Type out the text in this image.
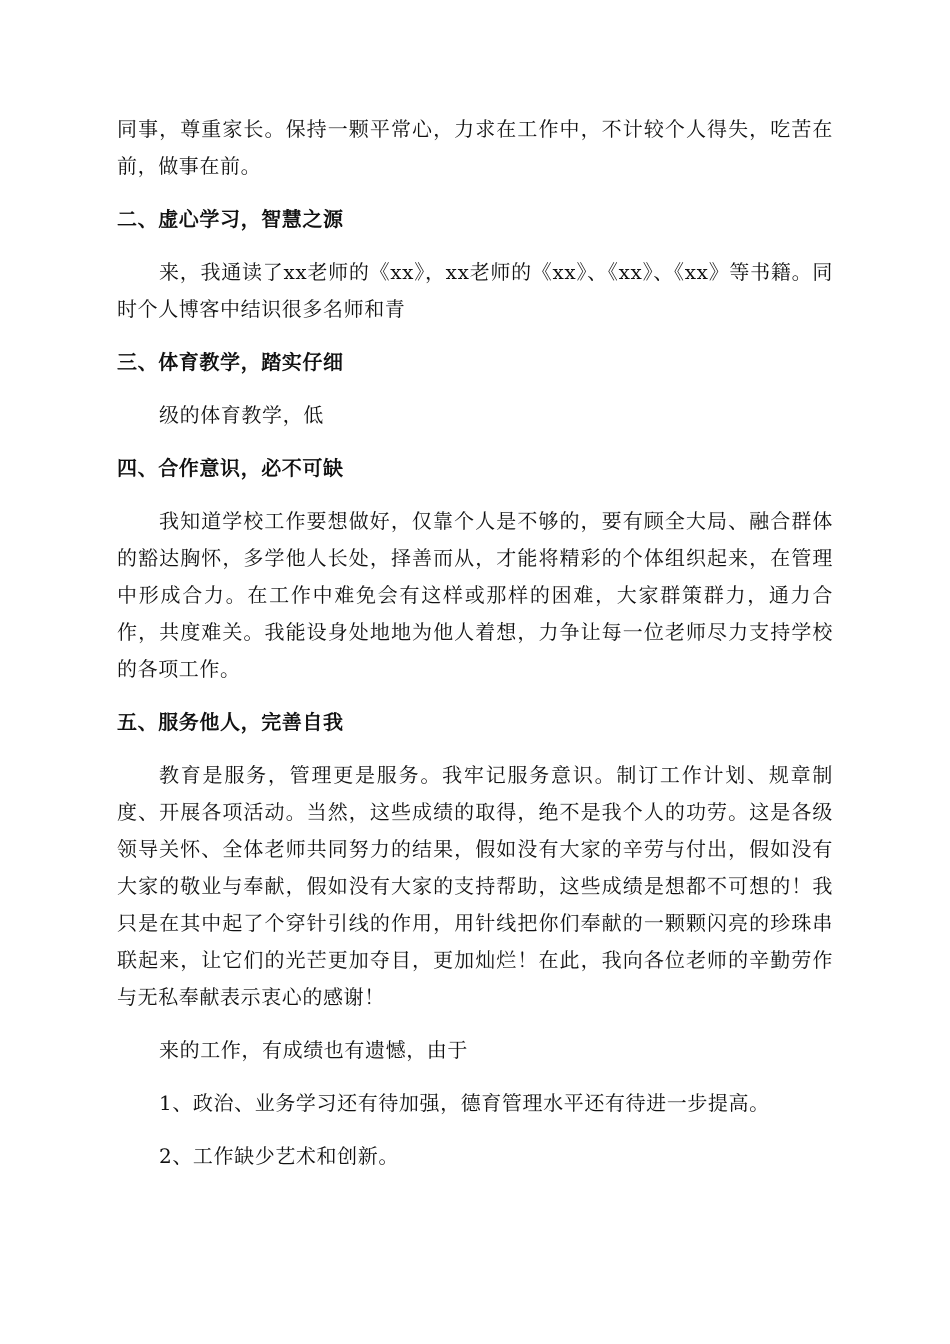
同事，尊重家长。保持一颗平常心，力求在工作中，不计较个人得失，吃苦在前，做事在前。

二、虚心学习，智慧之源

来，我通读了xx老师的《xx》，xx老师的《xx》、《xx》、《xx》等书籍。同时个人博客中结识很多名师和青

三、体育教学，踏实仔细

级的体育教学，低

四、合作意识，必不可缺

我知道学校工作要想做好，仅靠个人是不够的，要有顾全大局、融合群体的豁达胸怀，多学他人长处，择善而从，才能将精彩的个体组织起来，在管理中形成合力。在工作中难免会有这样或那样的困难，大家群策群力，通力合作，共度难关。我能设身处地地为他人着想，力争让每一位老师尽力支持学校的各项工作。

五、服务他人，完善自我

教育是服务，管理更是服务。我牢记服务意识。制订工作计划、规章制度、开展各项活动。当然，这些成绩的取得，绝不是我个人的功劳。这是各级领导关怀、全体老师共同努力的结果，假如没有大家的辛劳与付出，假如没有大家的敬业与奉献，假如没有大家的支持帮助，这些成绩是想都不可想的！我只是在其中起了个穿针引线的作用，用针线把你们奉献的一颗颗闪亮的珍珠串联起来，让它们的光芒更加夺目，更加灿烂！在此，我向各位老师的辛勤劳作与无私奉献表示衷心的感谢！

来的工作，有成绩也有遗憾，由于

1、政治、业务学习还有待加强，德育管理水平还有待进一步提高。

2、工作缺少艺术和创新。
